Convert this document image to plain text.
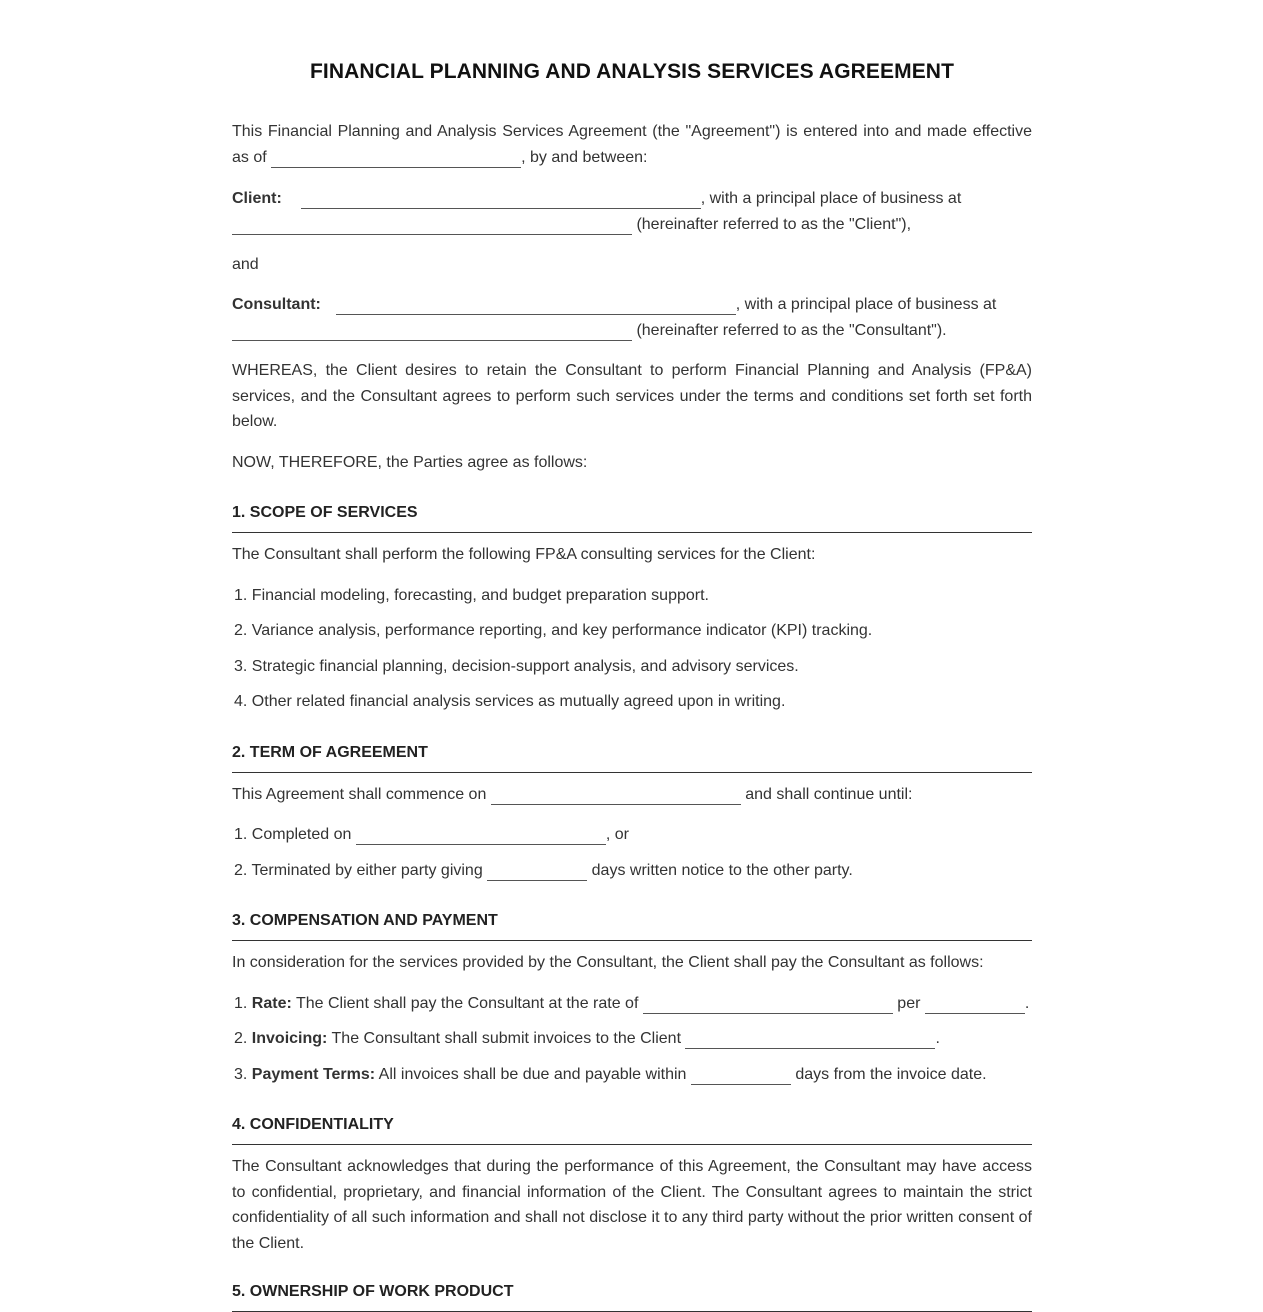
FINANCIAL PLANNING AND ANALYSIS SERVICES AGREEMENT

This Financial Planning and Analysis Services Agreement (the "Agreement") is entered into and made effective as of	, by and between:

Client:	, with a principal place of business at

(hereinafter referred to as the "Client"),

and

Consultant:	, with a principal place of business at

(hereinafter referred to as the "Consultant").

WHEREAS, the Client desires to retain the Consultant to perform Financial Planning and Analysis (FP&A) services, and the Consultant agrees to perform such services under the terms and conditions set forth set forth below.

NOW, THEREFORE, the Parties agree as follows:

1. SCOPE OF SERVICES

The Consultant shall perform the following FP&A consulting services for the Client:

1. Financial modeling, forecasting, and budget preparation support.
2. Variance analysis, performance reporting, and key performance indicator (KPI) tracking.
3. Strategic financial planning, decision-support analysis, and advisory services.
4. Other related financial analysis services as mutually agreed upon in writing.
2. TERM OF AGREEMENT

This Agreement shall commence on	and shall continue until:

1. Completed on	, or
2. Terminated by either party giving	days written notice to the other party.
3. COMPENSATION AND PAYMENT

In consideration for the services provided by the Consultant, the Client shall pay the Consultant as follows:

1. Rate: The Client shall pay the Consultant at the rate of	per	.
2. Invoicing: The Consultant shall submit invoices to the Client	.
3. Payment Terms: All invoices shall be due and payable within	days from the invoice date.
4. CONFIDENTIALITY

The Consultant acknowledges that during the performance of this Agreement, the Consultant may have access to confidential, proprietary, and financial information of the Client. The Consultant agrees to maintain the strict confidentiality of all such information and shall not disclose it to any third party without the prior written consent of the Client.

5. OWNERSHIP OF WORK PRODUCT
